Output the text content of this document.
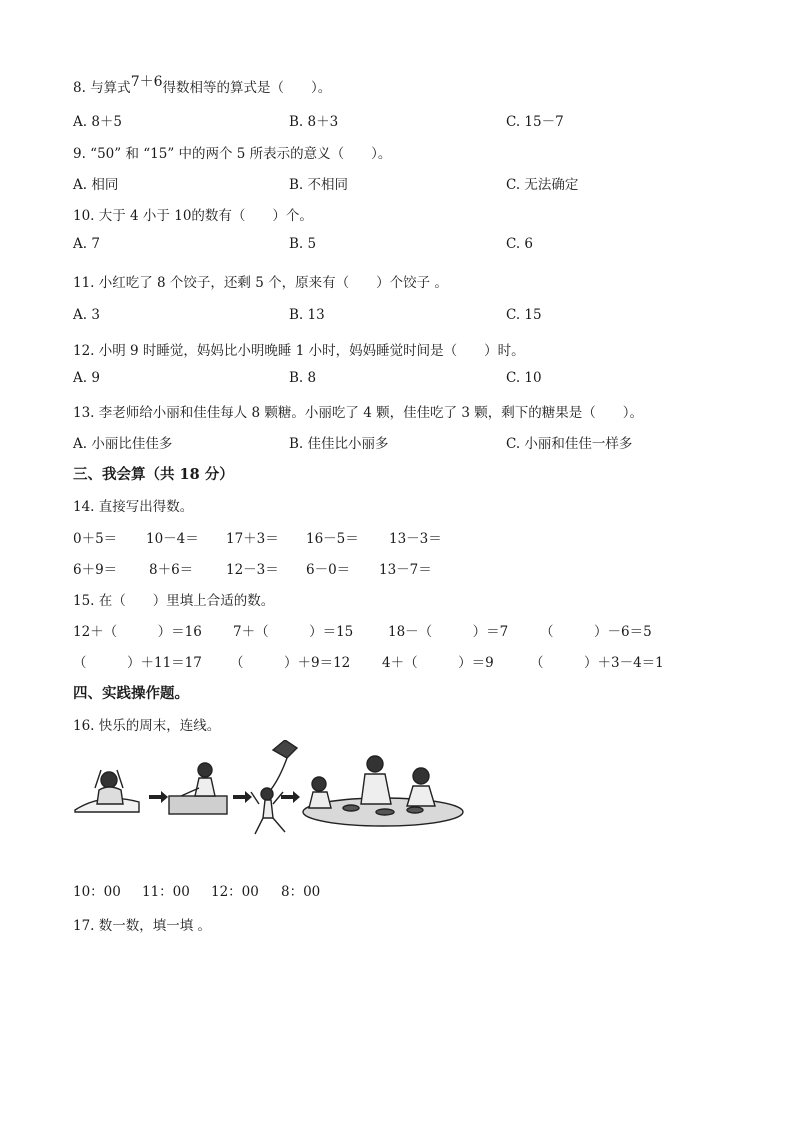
8. 与算式7＋6得数相等的算式是（　　）。
A. 8＋5	B. 8＋3	C. 15－7
9. “50” 和 “15” 中的两个 5 所表示的意义（　　）。
A. 相同	B. 不相同	C. 无法确定
10. 大于 4 小于 10的数有（　　）个。
A. 7	B. 5	C. 6
11. 小红吃了 8 个饺子，还剩 5 个，原来有（　　）个饺子 。
A. 3	B. 13	C. 15
12. 小明 9 时睡觉，妈妈比小明晚睡 1 小时，妈妈睡觉时间是（　　）时。
A. 9	B. 8	C. 10
13. 李老师给小丽和佳佳每人 8 颗糖。小丽吃了 4 颗，佳佳吃了 3 颗，剩下的糖果是（　　）。
A. 小丽比佳佳多	B. 佳佳比小丽多	C. 小丽和佳佳一样多
三、我会算（共 18 分）
14. 直接写出得数。
0＋5＝ 10－4＝ 17＋3＝ 16－5＝ 13－3＝
6＋9＝ 8＋6＝ 12－3＝ 6－0＝ 13－7＝
15. 在（　　）里填上合适的数。
12＋（　　　）＝16 7＋（　　　）＝15	18－（　　　）＝7 （　　　）－6＝5
（　　　）＋11＝17 （　　　）＋9＝12 4＋（　　　）＝9	（　　　）＋3－4＝1
四、实践操作题。
16. 快乐的周末，连线。
10：00 11：00 12：00 8：00
17. 数一数，填一填 。
